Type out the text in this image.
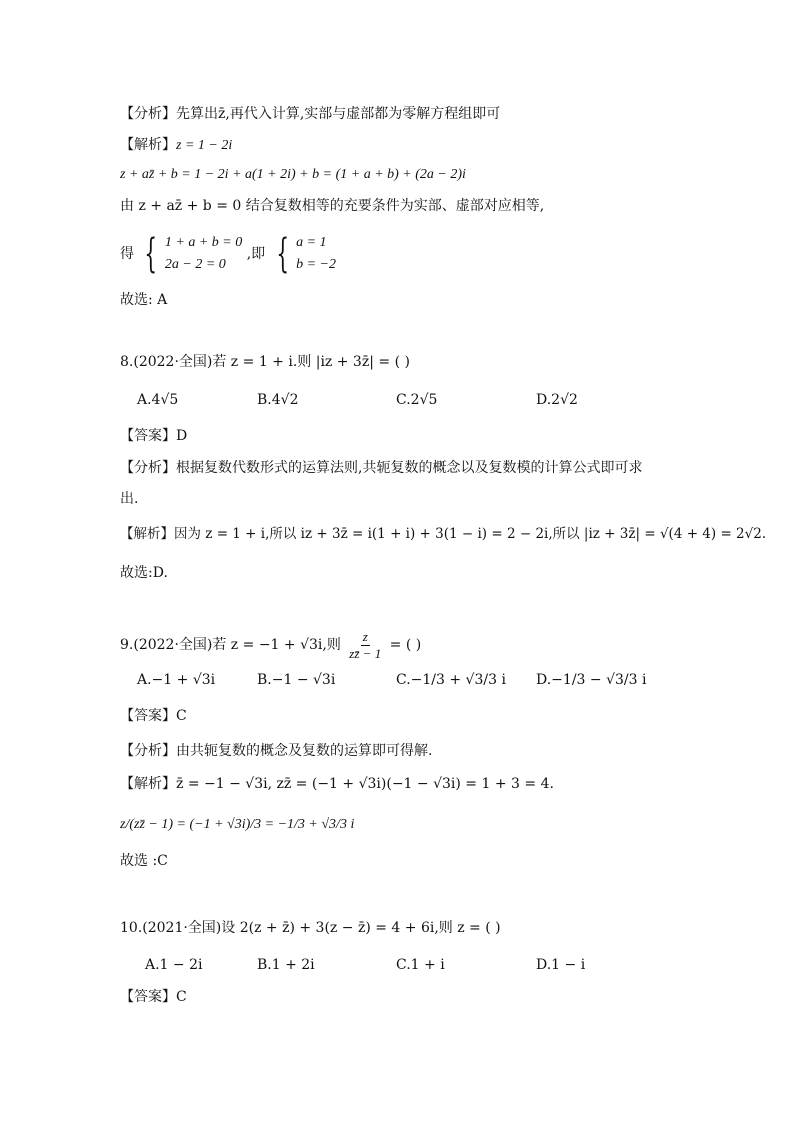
【分析】先算出z̄,再代入计算,实部与虚部都为零解方程组即可
【解析】z = 1 − 2i
z + az̄ + b = 1 − 2i + a(1 + 2i) + b = (1 + a + b) + (2a − 2)i
由 z + az̄ + b = 0 结合复数相等的充要条件为实部、虚部对应相等,
得 { 1 + a + b = 0
2a − 2 = 0
,即 { a = 1
b = −2
故选: A
8.(2022·全国)若 z = 1 + i.则 |iz + 3z̄| = ( )
A.4√5	B.4√2	C.2√5	D.2√2
【答案】D
【分析】根据复数代数形式的运算法则,共轭复数的概念以及复数模的计算公式即可求
出.
【解析】因为 z = 1 + i,所以 iz + 3z̄ = i(1 + i) + 3(1 − i) = 2 − 2i,所以 |iz + 3z̄| = √(4 + 4) = 2√2.
故选:D.
9.(2022·全国)若 z = −1 + √3i,则 $\frac{z}{zz̄ - 1}$ = ( )
A.−1 + √3i	B.−1 − √3i	C.−1/3 + √3/3 i D.−1/3 − √3/3 i
【答案】C
【分析】由共轭复数的概念及复数的运算即可得解.
【解析】z̄ = −1 − √3i, zz̄ = (−1 + √3i)(−1 − √3i) = 1 + 3 = 4.
z/(zz̄ − 1) = (−1 + √3i)/3 = −1/3 + √3/3 i
故选 :C
10.(2021·全国)设 2(z + z̄) + 3(z − z̄) = 4 + 6i,则 z = ( )
A.1 − 2i	B.1 + 2i	C.1 + i	D.1 − i
【答案】C
